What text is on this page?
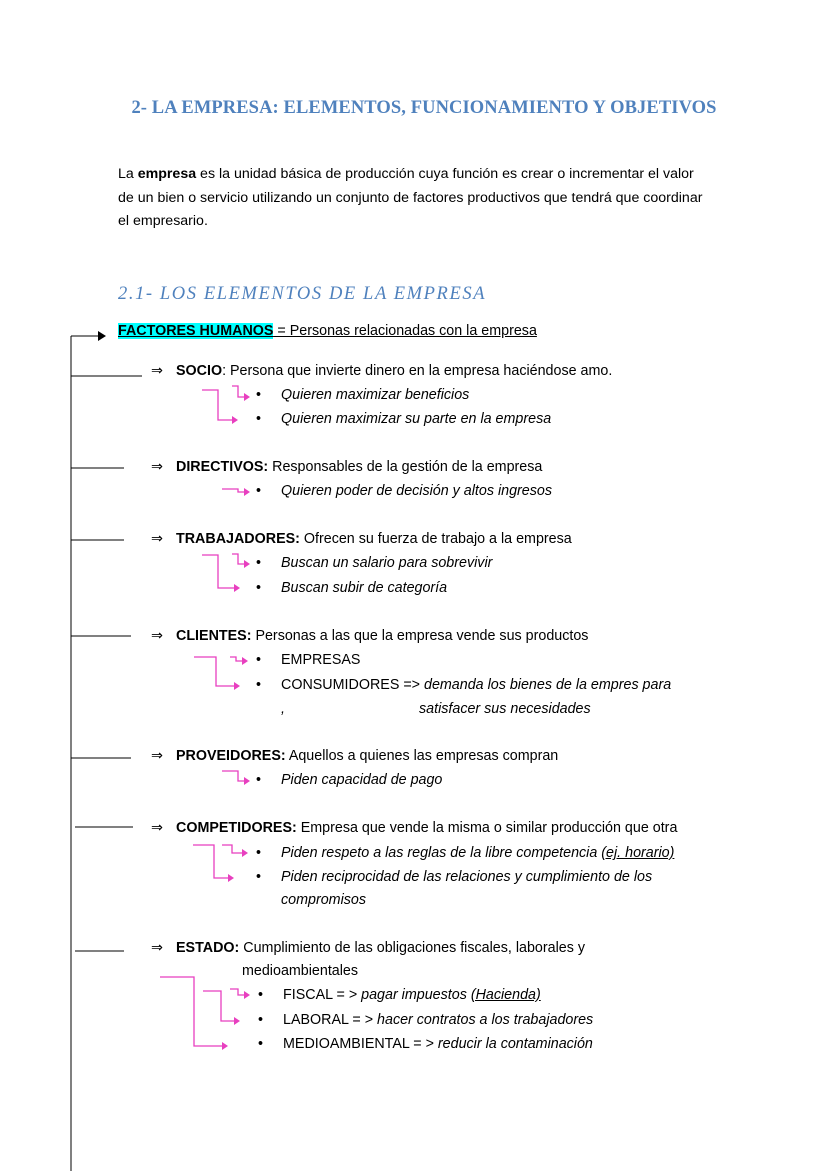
2- LA EMPRESA: ELEMENTOS, FUNCIONAMIENTO Y OBJETIVOS
La empresa es la unidad básica de producción cuya función es crear o incrementar el valor de un bien o servicio utilizando un conjunto de factores productivos que tendrá que coordinar el empresario.
2.1- LOS ELEMENTOS DE LA EMPRESA
FACTORES HUMANOS = Personas relacionadas con la empresa
⇒ SOCIO: Persona que invierte dinero en la empresa haciéndose amo.
• Quieren maximizar beneficios
• Quieren maximizar su parte en la empresa
⇒ DIRECTIVOS: Responsables de la gestión de la empresa
• Quieren poder de decisión y altos ingresos
⇒ TRABAJADORES: Ofrecen su fuerza de trabajo a la empresa
• Buscan un salario para sobrevivir
• Buscan subir de categoría
⇒ CLIENTES: Personas a las que la empresa vende sus productos
• EMPRESAS
• CONSUMIDORES => demanda los bienes de la empres para
,	satisfacer sus necesidades
⇒ PROVEIDORES: Aquellos a quienes las empresas compran
• Piden capacidad de pago
⇒ COMPETIDORES: Empresa que vende la misma o similar producción que otra
• Piden respeto a las reglas de la libre competencia (ej. horario)
• Piden reciprocidad de las relaciones y cumplimiento de los
compromisos
⇒ ESTADO: Cumplimiento de las obligaciones fiscales, laborales y
medioambientales
• FISCAL = > pagar impuestos (Hacienda)
• LABORAL = > hacer contratos a los trabajadores
• MEDIOAMBIENTAL = > reducir la contaminación
